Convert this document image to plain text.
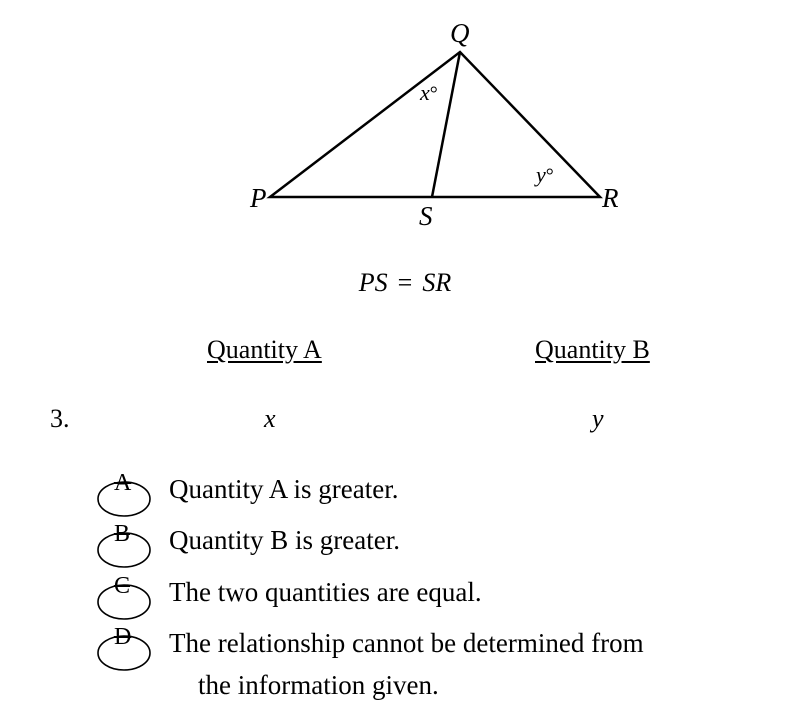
Q
P	R
S
x°
y°
PS = SR
Quantity A	Quantity B
3.	x	y
A Quantity A is greater.
B Quantity B is greater.
C The two quantities are equal.
D The relationship cannot be determined from
the information given.
